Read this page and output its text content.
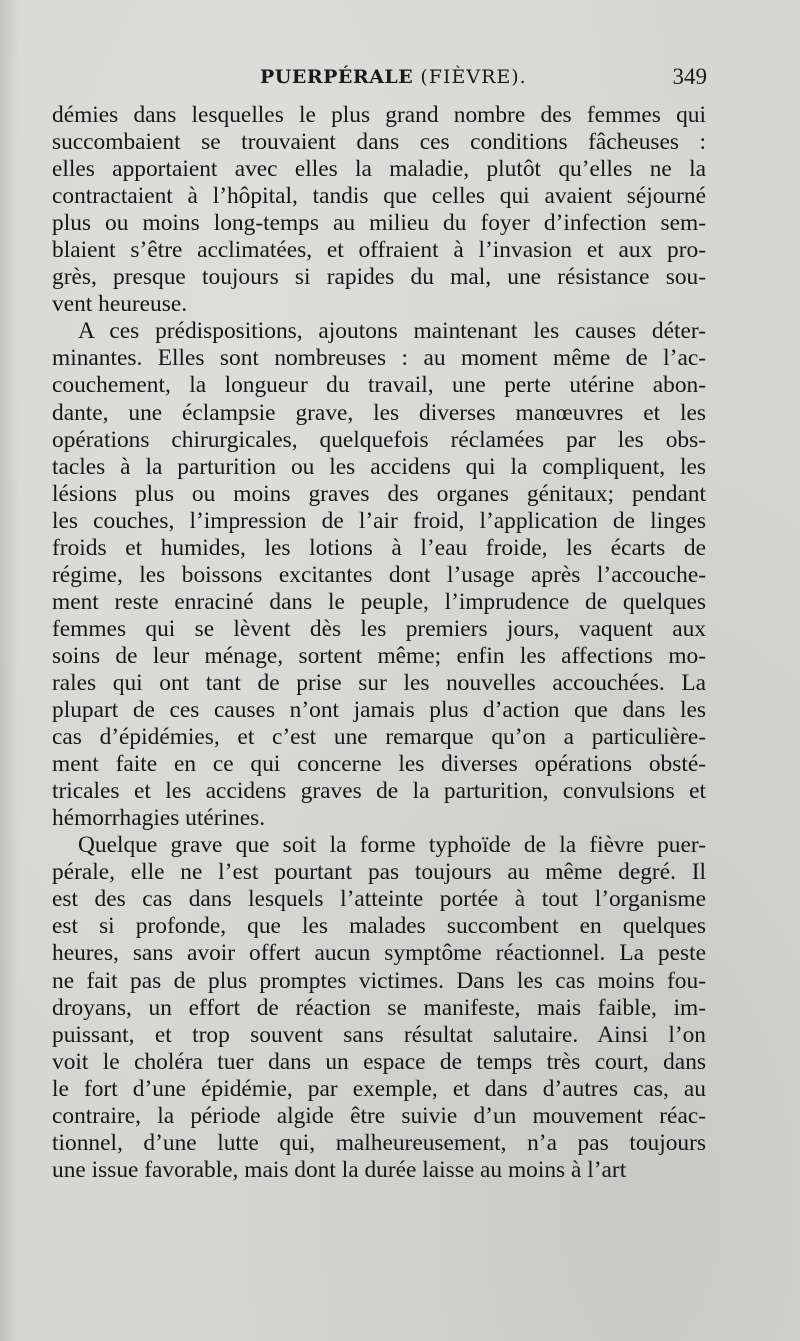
PUERPÉRALE (FIÈVRE).	349
démies dans lesquelles le plus grand nombre des femmes qui
succombaient se trouvaient dans ces conditions fâcheuses :
elles apportaient avec elles la maladie, plutôt qu’elles ne la
contractaient à l’hôpital, tandis que celles qui avaient séjourné
plus ou moins long-temps au milieu du foyer d’infection sem-
blaient s’être acclimatées, et offraient à l’invasion et aux pro-
grès, presque toujours si rapides du mal, une résistance sou-
vent heureuse.
A ces prédispositions, ajoutons maintenant les causes déter-
minantes. Elles sont nombreuses : au moment même de l’ac-
couchement, la longueur du travail, une perte utérine abon-
dante, une éclampsie grave, les diverses manœuvres et les
opérations chirurgicales, quelquefois réclamées par les obs-
tacles à la parturition ou les accidens qui la compliquent, les
lésions plus ou moins graves des organes génitaux; pendant
les couches, l’impression de l’air froid, l’application de linges
froids et humides, les lotions à l’eau froide, les écarts de
régime, les boissons excitantes dont l’usage après l’accouche-
ment reste enraciné dans le peuple, l’imprudence de quelques
femmes qui se lèvent dès les premiers jours, vaquent aux
soins de leur ménage, sortent même; enfin les affections mo-
rales qui ont tant de prise sur les nouvelles accouchées. La
plupart de ces causes n’ont jamais plus d’action que dans les
cas d’épidémies, et c’est une remarque qu’on a particulière-
ment faite en ce qui concerne les diverses opérations obsté-
tricales et les accidens graves de la parturition, convulsions et
hémorrhagies utérines.
Quelque grave que soit la forme typhoïde de la fièvre puer-
pérale, elle ne l’est pourtant pas toujours au même degré. Il
est des cas dans lesquels l’atteinte portée à tout l’organisme
est si profonde, que les malades succombent en quelques
heures, sans avoir offert aucun symptôme réactionnel. La peste
ne fait pas de plus promptes victimes. Dans les cas moins fou-
droyans, un effort de réaction se manifeste, mais faible, im-
puissant, et trop souvent sans résultat salutaire. Ainsi l’on
voit le choléra tuer dans un espace de temps très court, dans
le fort d’une épidémie, par exemple, et dans d’autres cas, au
contraire, la période algide être suivie d’un mouvement réac-
tionnel, d’une lutte qui, malheureusement, n’a pas toujours
une issue favorable, mais dont la durée laisse au moins à l’art
